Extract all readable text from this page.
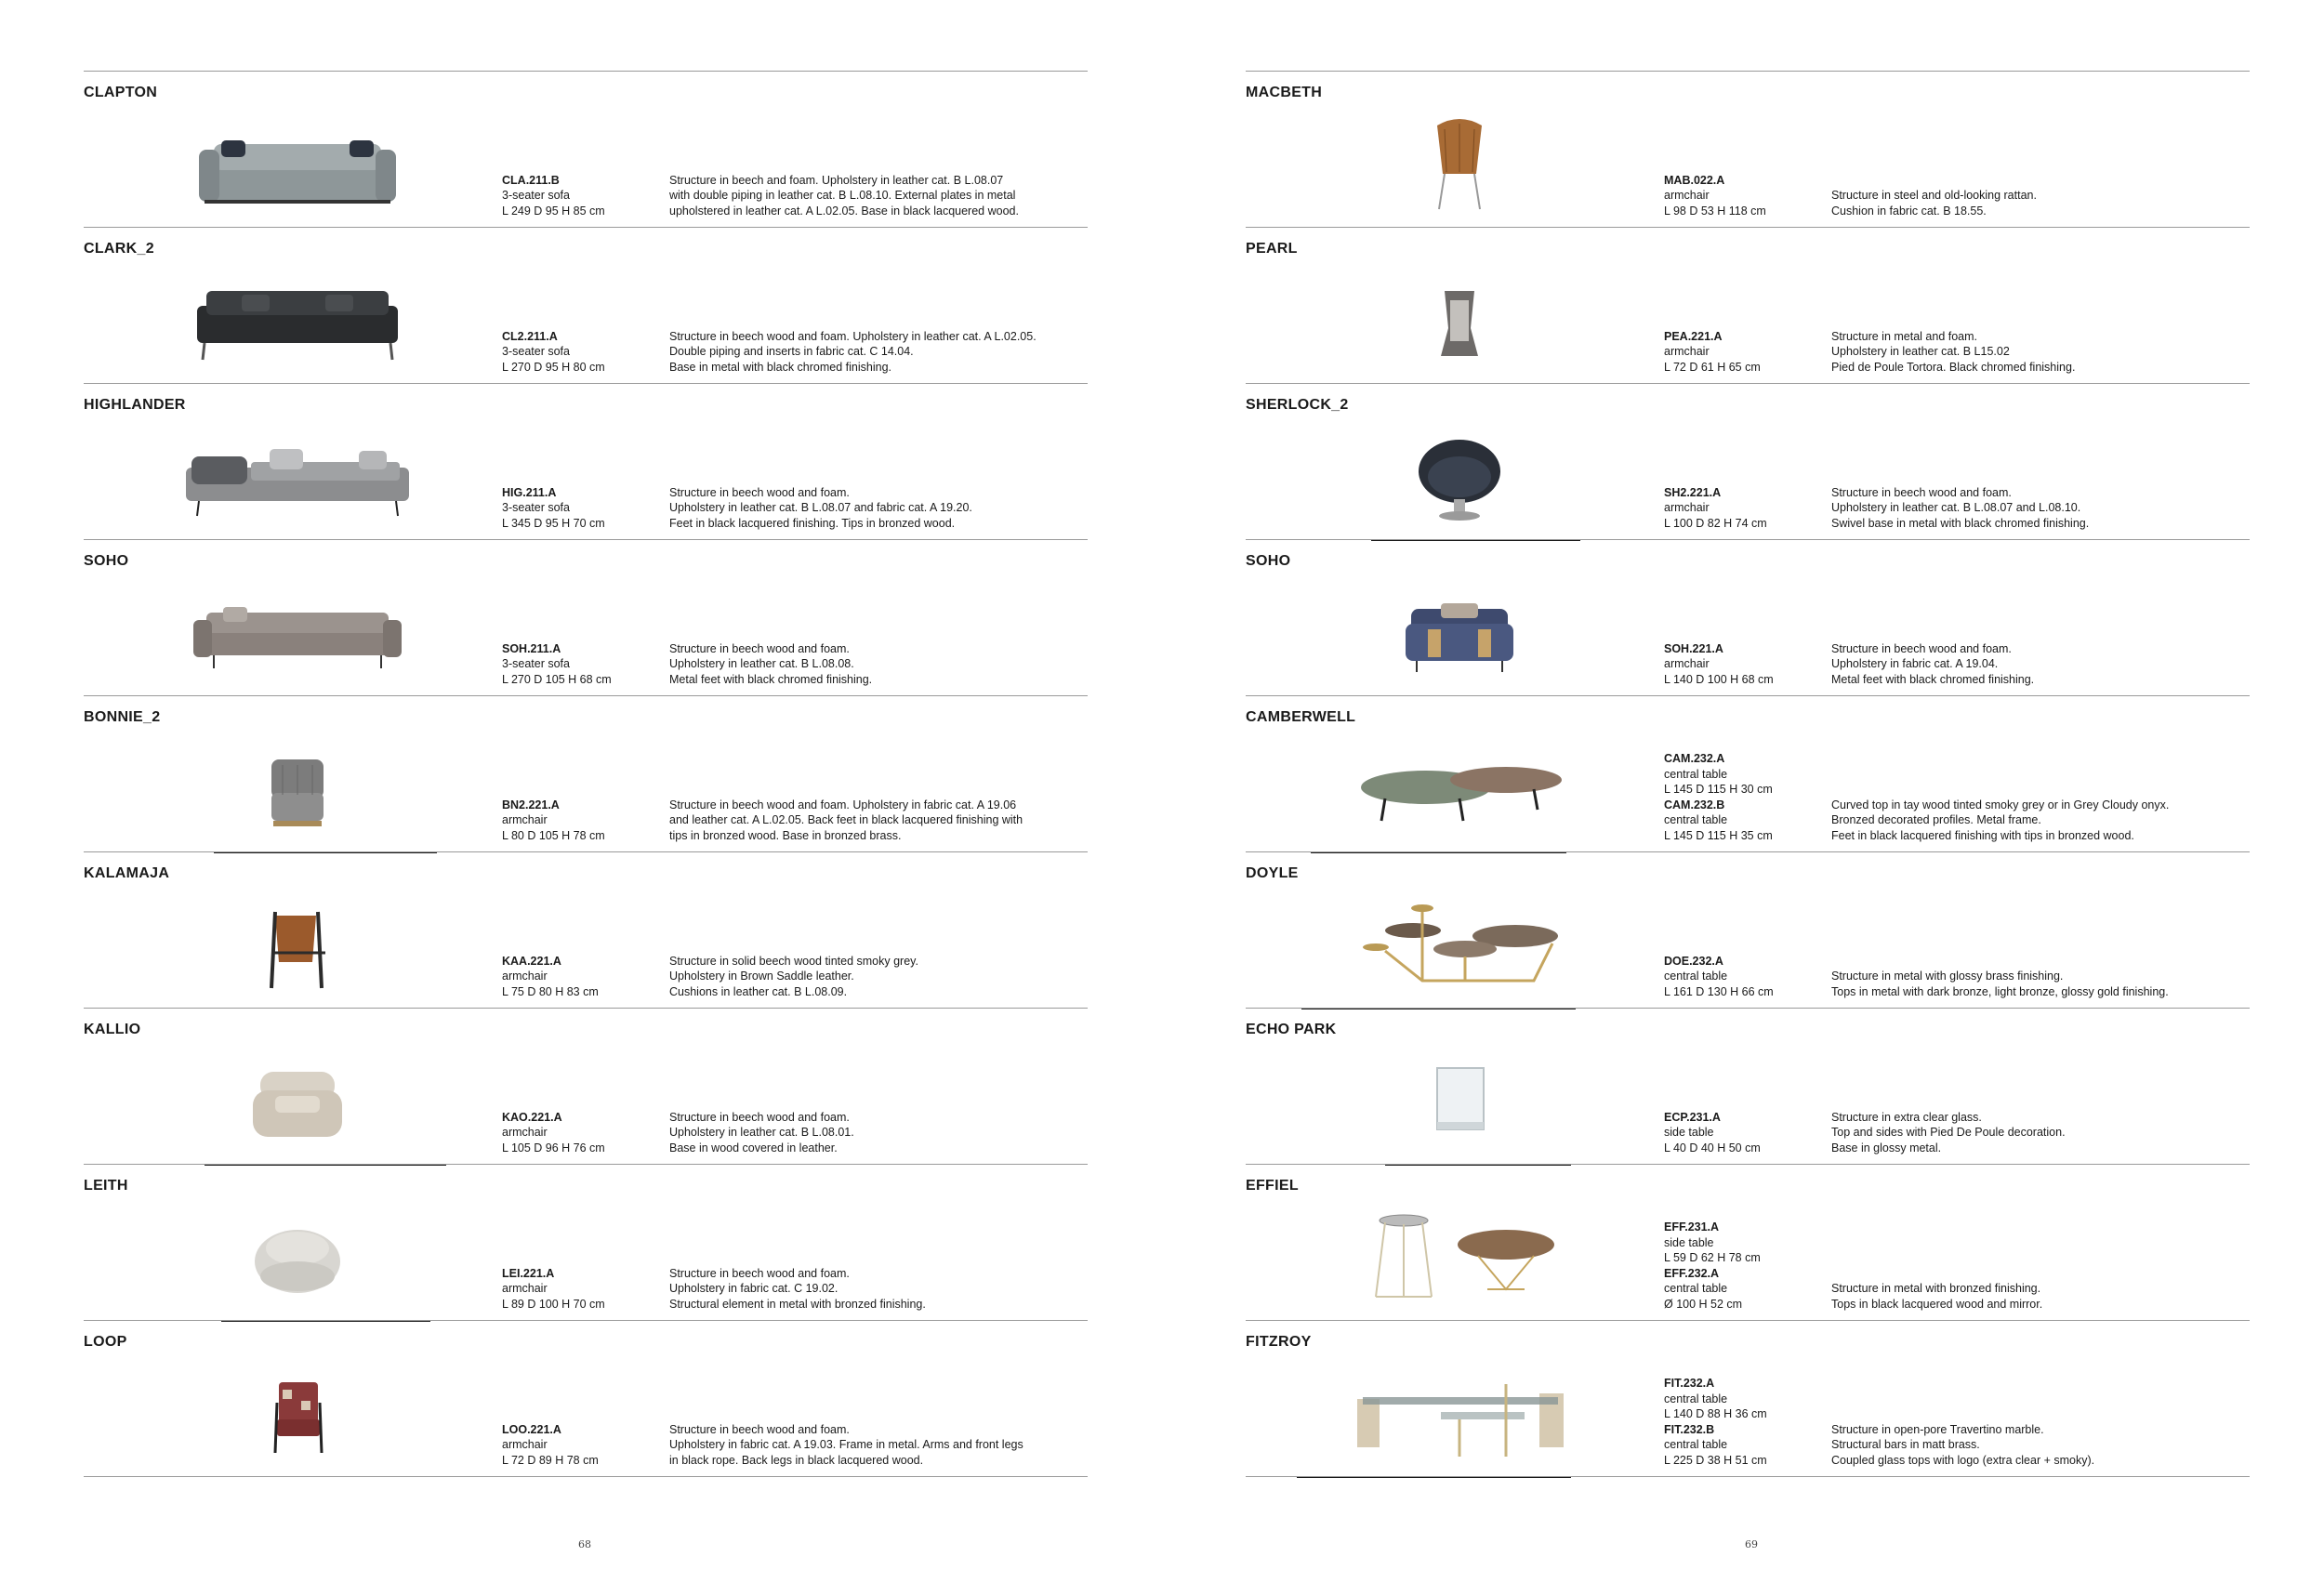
CLAPTON
CLA.211.B
3-seater sofa
L 249 D 95 H 85 cm
Structure in beech and foam. Upholstery in leather cat. B L.08.07
with double piping in leather cat. B L.08.10. External plates in metal
upholstered in leather cat. A L.02.05. Base in black lacquered wood.
CLARK_2
CL2.211.A
3-seater sofa
L 270 D 95 H 80 cm
Structure in beech wood and foam. Upholstery in leather cat. A L.02.05.
Double piping and inserts in fabric cat. C 14.04.
Base in metal with black chromed finishing.
HIGHLANDER
HIG.211.A
3-seater sofa
L 345 D 95 H 70 cm
Structure in beech wood and foam.
Upholstery in leather cat. B L.08.07 and fabric cat. A 19.20.
Feet in black lacquered finishing. Tips in bronzed wood.
SOHO
SOH.211.A
3-seater sofa
L 270 D 105 H 68 cm
Structure in beech wood and foam.
Upholstery in leather cat. B L.08.08.
Metal feet with black chromed finishing.
BONNIE_2
BN2.221.A
armchair
L 80 D 105 H 78 cm
Structure in beech wood and foam. Upholstery in fabric cat. A 19.06
and leather cat. A L.02.05. Back feet in black lacquered finishing with
tips in bronzed wood. Base in bronzed brass.
KALAMAJA
KAA.221.A
armchair
L 75 D 80 H 83 cm
Structure in solid beech wood tinted smoky grey.
Upholstery in Brown Saddle leather.
Cushions in leather cat. B L.08.09.
KALLIO
KAO.221.A
armchair
L 105 D 96 H 76 cm
Structure in beech wood and foam.
Upholstery in leather cat. B L.08.01.
Base in wood covered in leather.
LEITH
LEI.221.A
armchair
L 89 D 100 H 70 cm
Structure in beech wood and foam.
Upholstery in fabric cat. C 19.02.
Structural element in metal with bronzed finishing.
LOOP
LOO.221.A
armchair
L 72 D 89 H 78 cm
Structure in beech wood and foam.
Upholstery in fabric cat. A 19.03. Frame in metal. Arms and front legs
in black rope. Back legs in black lacquered wood.
68
MACBETH
MAB.022.A
armchair
L 98 D 53 H 118 cm
Structure in steel and old-looking rattan.
Cushion in fabric cat. B 18.55.
PEARL
PEA.221.A
armchair
L 72 D 61 H 65 cm
Structure in metal and foam.
Upholstery in leather cat. B L15.02
Pied de Poule Tortora. Black chromed finishing.
SHERLOCK_2
SH2.221.A
armchair
L 100 D 82 H 74 cm
Structure in beech wood and foam.
Upholstery in leather cat. B L.08.07 and L.08.10.
Swivel base in metal with black chromed finishing.
SOHO
SOH.221.A
armchair
L 140 D 100 H 68 cm
Structure in beech wood and foam.
Upholstery in fabric cat. A 19.04.
Metal feet with black chromed finishing.
CAMBERWELL
CAM.232.A
central table
L 145 D 115 H 30 cm
CAM.232.B
central table
L 145 D 115 H 35 cm
Curved top in tay wood tinted smoky grey or in Grey Cloudy onyx.
Bronzed decorated profiles. Metal frame.
Feet in black lacquered finishing with tips in bronzed wood.
DOYLE
DOE.232.A
central table
L 161 D 130 H 66 cm
Structure in metal with glossy brass finishing.
Tops in metal with dark bronze, light bronze, glossy gold finishing.
ECHO PARK
ECP.231.A
side table
L 40 D 40 H 50 cm
Structure in extra clear glass.
Top and sides with Pied De Poule decoration.
Base in glossy metal.
EFFIEL
EFF.231.A
side table
L 59 D 62 H 78 cm
EFF.232.A
central table
Ø 100 H 52 cm
Structure in metal with bronzed finishing.
Tops in black lacquered wood and mirror.
FITZROY
FIT.232.A
central table
L 140 D 88 H 36 cm
FIT.232.B
central table
L 225 D 38 H 51 cm
Structure in open-pore Travertino marble.
Structural bars in matt brass.
Coupled glass tops with logo (extra clear + smoky).
69
